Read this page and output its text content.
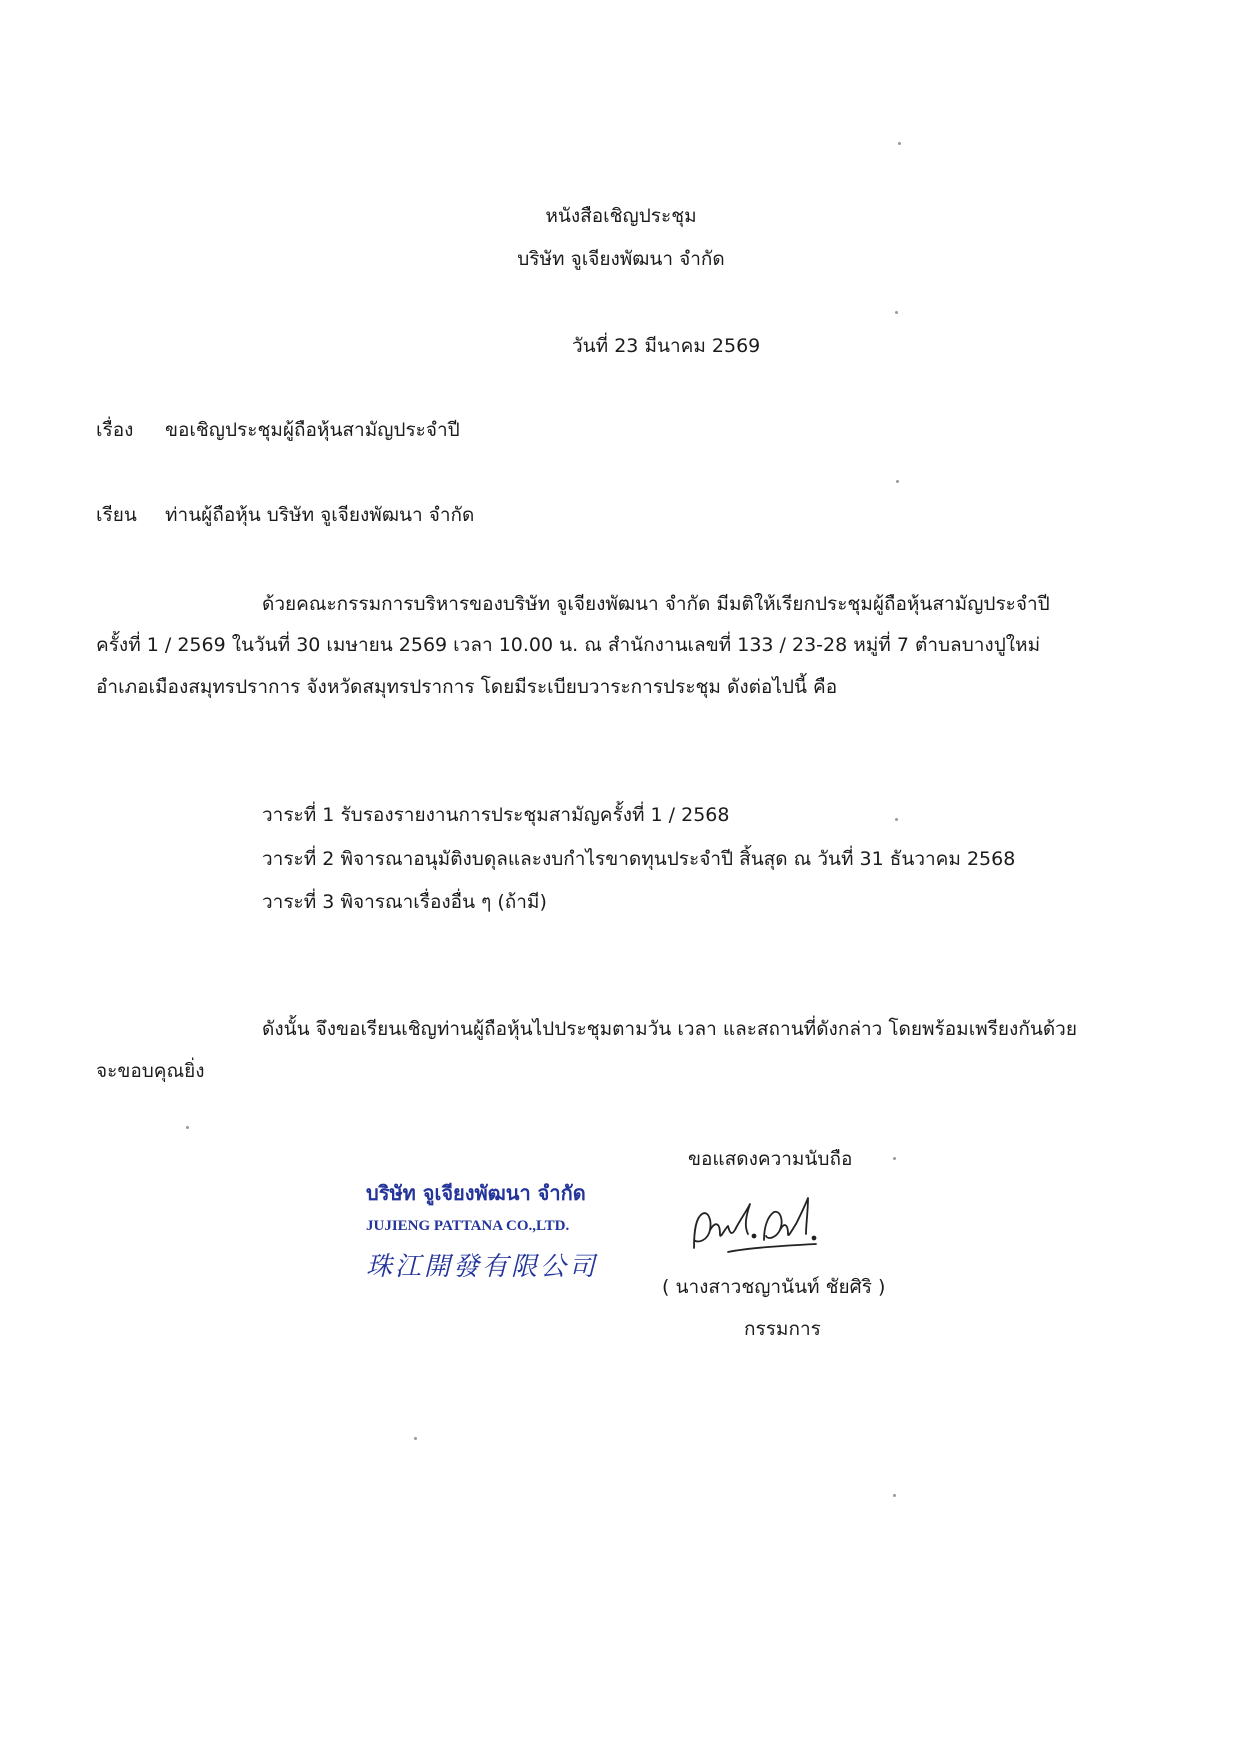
หนังสือเชิญประชุม
บริษัท จูเจียงพัฒนา จำกัด
วันที่ 23 มีนาคม 2569
เรื่อง ขอเชิญประชุมผู้ถือหุ้นสามัญประจำปี
เรียน ท่านผู้ถือหุ้น บริษัท จูเจียงพัฒนา จำกัด
ด้วยคณะกรรมการบริหารของบริษัท จูเจียงพัฒนา จำกัด มีมติให้เรียกประชุมผู้ถือหุ้นสามัญประจำปี
ครั้งที่ 1 / 2569 ในวันที่ 30 เมษายน 2569 เวลา 10.00 น. ณ สำนักงานเลขที่ 133 / 23-28 หมู่ที่ 7 ตำบลบางปูใหม่
อำเภอเมืองสมุทรปราการ จังหวัดสมุทรปราการ โดยมีระเบียบวาระการประชุม ดังต่อไปนี้ คือ
วาระที่ 1 รับรองรายงานการประชุมสามัญครั้งที่ 1 / 2568
วาระที่ 2 พิจารณาอนุมัติงบดุลและงบกำไรขาดทุนประจำปี สิ้นสุด ณ วันที่ 31 ธันวาคม 2568
วาระที่ 3 พิจารณาเรื่องอื่น ๆ (ถ้ามี)
ดังนั้น จึงขอเรียนเชิญท่านผู้ถือหุ้นไปประชุมตามวัน เวลา และสถานที่ดังกล่าว โดยพร้อมเพรียงกันด้วย
จะขอบคุณยิ่ง
ขอแสดงความนับถือ
บริษัท จูเจียงพัฒนา จำกัด
JUJIENG PATTANA CO.,LTD.
珠江開發有限公司
( นางสาวชญานันท์ ชัยศิริ )
กรรมการ
